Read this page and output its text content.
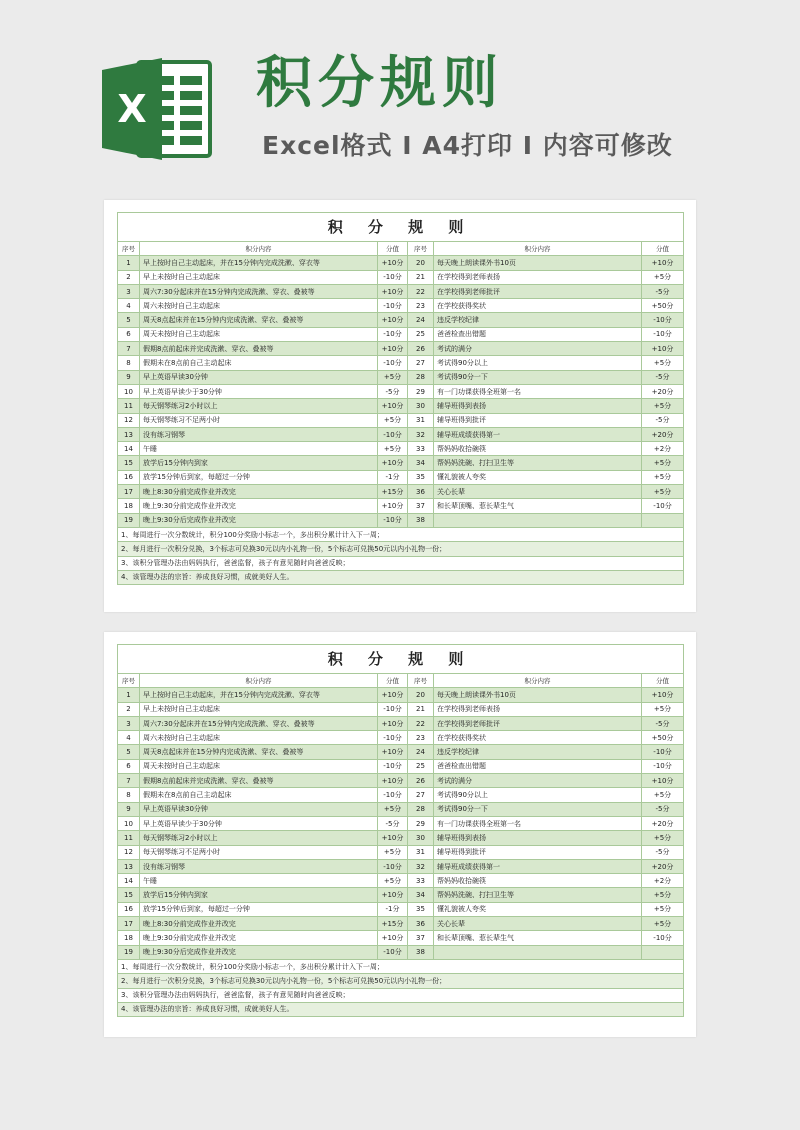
X 积分规则
Excel格式 I A4打印 I 内容可修改
积 分 规 则					
序号	积分内容	分值	序号	积分内容	分值
1	早上按时自己主动起床，并在15分钟内完成洗漱、穿衣等	+10分	20	每天晚上朗读课外书10页	+10分
2	早上未按时自己主动起床	-10分	21	在学校得到老师表扬	+5分
3	周六7:30分起床并在15分钟内完成洗漱、穿衣、叠被等	+10分	22	在学校得到老师批评	-5分
4	周六未按时自己主动起床	-10分	23	在学校获得奖状	+50分
5	周天8点起床并在15分钟内完成洗漱、穿衣、叠被等	+10分	24	违反学校纪律	-10分
6	周天未按时自己主动起床	-10分	25	爸爸检查出错题	-10分
7	假期8点前起床并完成洗漱、穿衣、叠被等	+10分	26	考试的满分	+10分
8	假期未在8点前自己主动起床	-10分	27	考试得90分以上	+5分
9	早上英语早读30分钟	+5分	28	考试得90分一下	-5分
10	早上英语早读少于30分钟	-5分	29	有一门功课获得全班第一名	+20分
11	每天钢琴练习2小时以上	+10分	30	辅导班得到表扬	+5分
12	每天钢琴练习不足两小时	+5分	31	辅导班得到批评	-5分
13	没有练习钢琴	-10分	32	辅导班成绩获得第一	+20分
14	午睡	+5分	33	帮妈妈收拾碗筷	+2分
15	放学后15分钟内到家	+10分	34	帮妈妈洗碗、打扫卫生等	+5分
16	放学15分钟后到家，每超过一分钟	-1分	35	懂礼貌被人夸奖	+5分
17	晚上8:30分前完成作业并改完	+15分	36	关心长辈	+5分
18	晚上9:30分前完成作业并改完	+10分	37	和长辈顶嘴、惹长辈生气	-10分
19	晚上9:30分后完成作业并改完	-10分	38		
1、每周进行一次分数统计，积分100分奖励小标志一个，多出积分累计计入下一周；					
2、每月进行一次积分兑换，3个标志可兑换30元以内小礼物一份，5个标志可兑换50元以内小礼物一份；					
3、该积分管理办法由妈妈执行，爸爸监督，孩子有意见随时向爸爸反映；					
4、该管理办法的宗旨：养成良好习惯，成就美好人生。					
积 分 规 则					
序号	积分内容	分值	序号	积分内容	分值
1	早上按时自己主动起床，并在15分钟内完成洗漱、穿衣等	+10分	20	每天晚上朗读课外书10页	+10分
2	早上未按时自己主动起床	-10分	21	在学校得到老师表扬	+5分
3	周六7:30分起床并在15分钟内完成洗漱、穿衣、叠被等	+10分	22	在学校得到老师批评	-5分
4	周六未按时自己主动起床	-10分	23	在学校获得奖状	+50分
5	周天8点起床并在15分钟内完成洗漱、穿衣、叠被等	+10分	24	违反学校纪律	-10分
6	周天未按时自己主动起床	-10分	25	爸爸检查出错题	-10分
7	假期8点前起床并完成洗漱、穿衣、叠被等	+10分	26	考试的满分	+10分
8	假期未在8点前自己主动起床	-10分	27	考试得90分以上	+5分
9	早上英语早读30分钟	+5分	28	考试得90分一下	-5分
10	早上英语早读少于30分钟	-5分	29	有一门功课获得全班第一名	+20分
11	每天钢琴练习2小时以上	+10分	30	辅导班得到表扬	+5分
12	每天钢琴练习不足两小时	+5分	31	辅导班得到批评	-5分
13	没有练习钢琴	-10分	32	辅导班成绩获得第一	+20分
14	午睡	+5分	33	帮妈妈收拾碗筷	+2分
15	放学后15分钟内到家	+10分	34	帮妈妈洗碗、打扫卫生等	+5分
16	放学15分钟后到家，每超过一分钟	-1分	35	懂礼貌被人夸奖	+5分
17	晚上8:30分前完成作业并改完	+15分	36	关心长辈	+5分
18	晚上9:30分前完成作业并改完	+10分	37	和长辈顶嘴、惹长辈生气	-10分
19	晚上9:30分后完成作业并改完	-10分	38		
1、每周进行一次分数统计，积分100分奖励小标志一个，多出积分累计计入下一周；					
2、每月进行一次积分兑换，3个标志可兑换30元以内小礼物一份，5个标志可兑换50元以内小礼物一份；					
3、该积分管理办法由妈妈执行，爸爸监督，孩子有意见随时向爸爸反映；					
4、该管理办法的宗旨：养成良好习惯，成就美好人生。					
